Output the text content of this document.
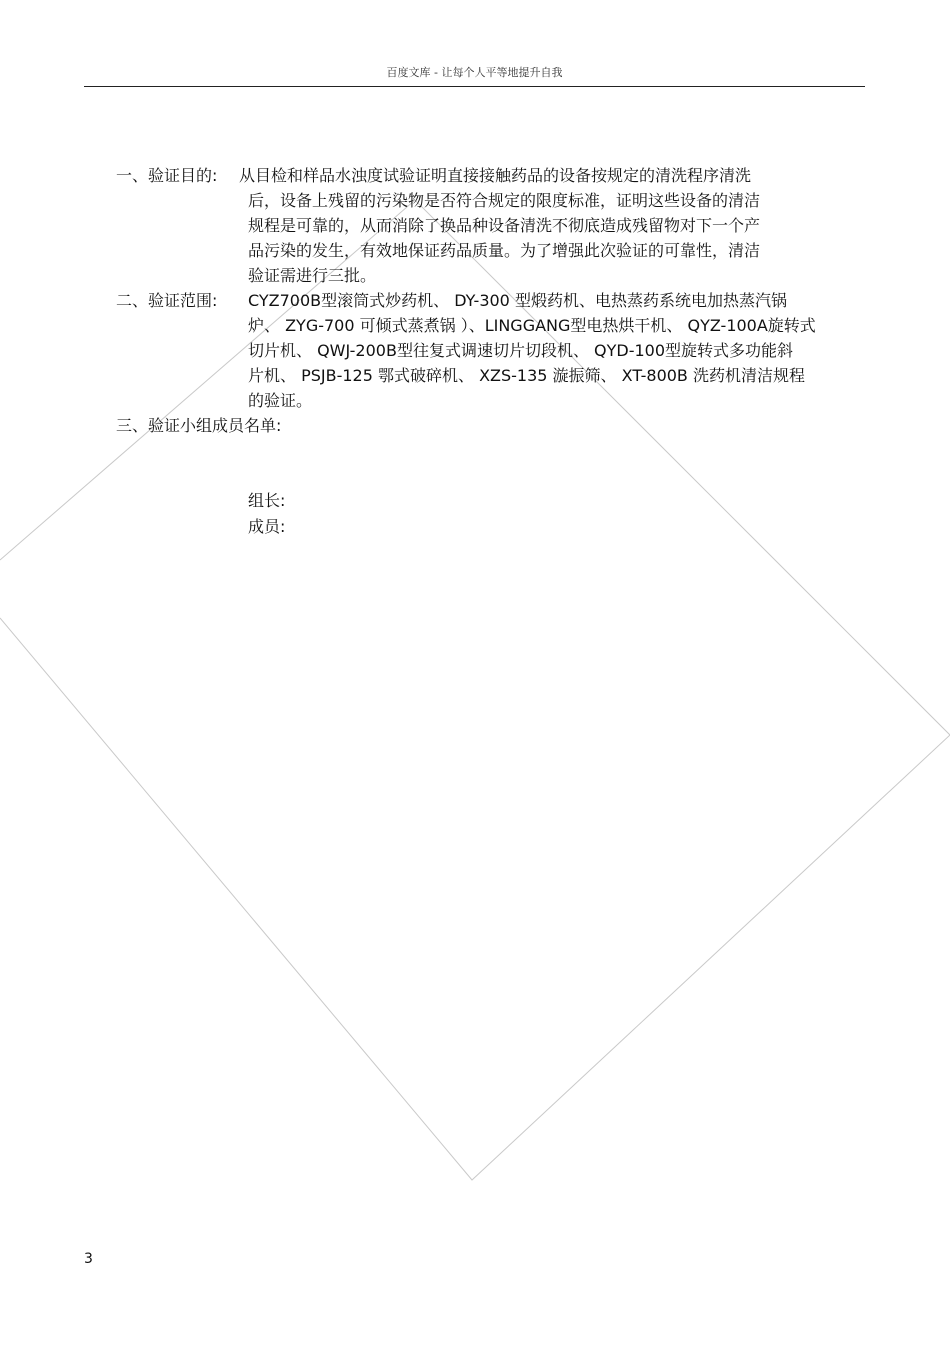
百度文库 - 让每个人平等地提升自我
一、验证目的:	从目检和样品水浊度试验证明直接接触药品的设备按规定的清洗程序清洗
后，设备上残留的污染物是否符合规定的限度标准，证明这些设备的清洁
规程是可靠的，从而消除了换品种设备清洗不彻底造成残留物对下一个产
品污染的发生，有效地保证药品质量。为了增强此次验证的可靠性，清洁
验证需进行三批。
二、验证范围:	CYZ700B型滚筒式炒药机、 DY-300 型煅药机、电热蒸药系统电加热蒸汽锅
炉、 ZYG-700 可倾式蒸煮锅 ）、LINGGANG型电热烘干机、 QYZ-100A旋转式
切片机、 QWJ-200B型往复式调速切片切段机、 QYD-100型旋转式多功能斜
片机、 PSJB-125 鄂式破碎机、 XZS-135 漩振筛、 XT-800B 洗药机清洁规程
的验证。
三、验证小组成员名单:
组长:
成员:
3
